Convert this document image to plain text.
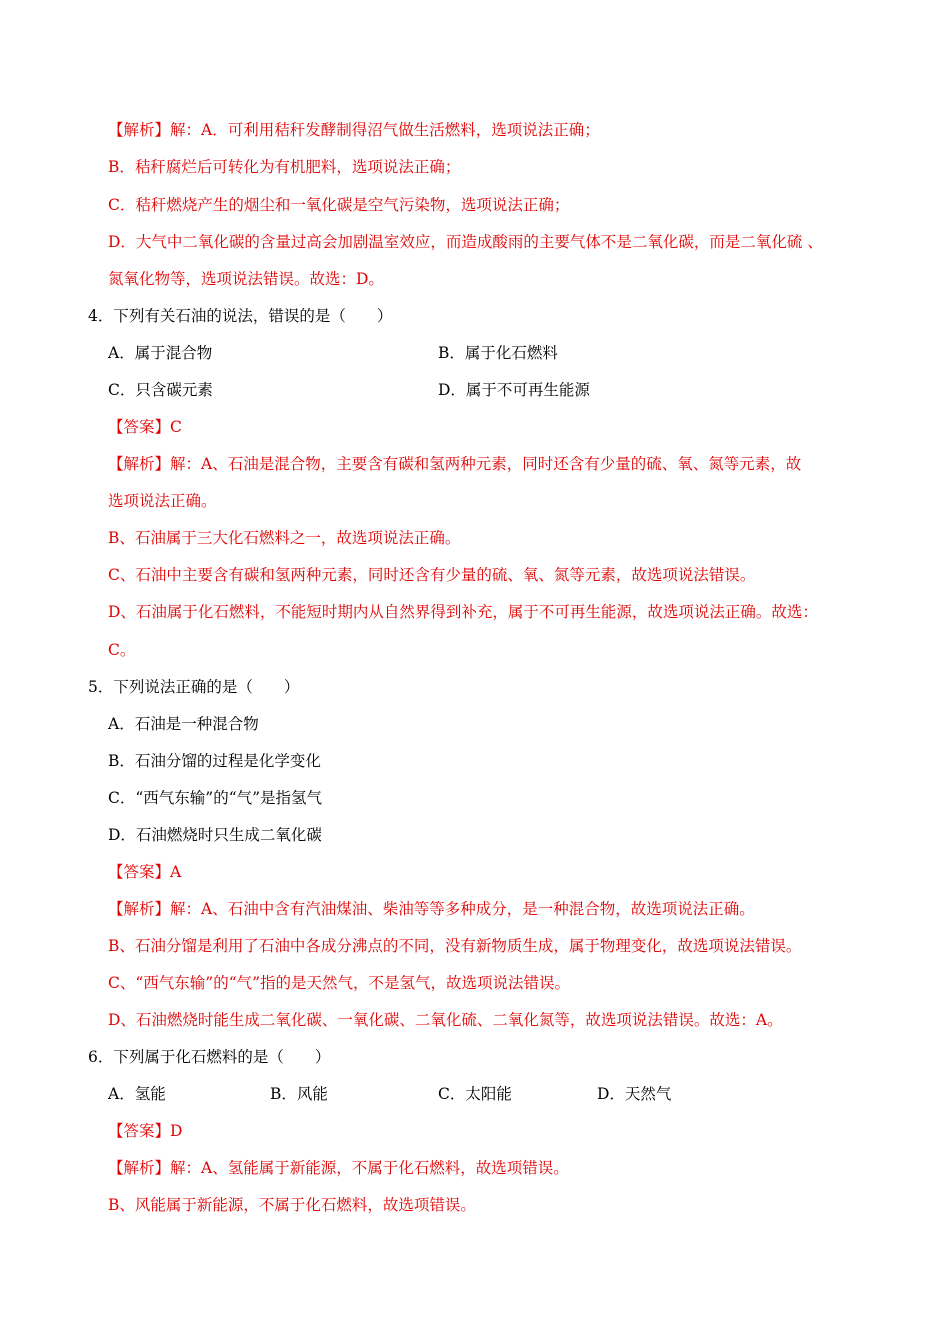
【解析】解：A．可利用秸秆发酵制得沼气做生活燃料，选项说法正确；
B．秸秆腐烂后可转化为有机肥料，选项说法正确；
C．秸秆燃烧产生的烟尘和一氧化碳是空气污染物，选项说法正确；
D．大气中二氧化碳的含量过高会加剧温室效应，而造成酸雨的主要气体不是二氧化碳，而是二氧化硫 、
氮氧化物等，选项说法错误。故选：D。
4．下列有关石油的说法，错误的是（　　）
A．属于混合物	B．属于化石燃料
C．只含碳元素	D．属于不可再生能源
【答案】C
【解析】解：A、石油是混合物，主要含有碳和氢两种元素，同时还含有少量的硫、氧、氮等元素，故
选项说法正确。
B、石油属于三大化石燃料之一，故选项说法正确。
C、石油中主要含有碳和氢两种元素，同时还含有少量的硫、氧、氮等元素，故选项说法错误。
D、石油属于化石燃料，不能短时期内从自然界得到补充，属于不可再生能源，故选项说法正确。故选：
C。
5．下列说法正确的是（　　）
A．石油是一种混合物
B．石油分馏的过程是化学变化
C．“西气东输”的“气”是指氢气
D．石油燃烧时只生成二氧化碳
【答案】A
【解析】解：A、石油中含有汽油煤油、柴油等等多种成分，是一种混合物，故选项说法正确。
B、石油分馏是利用了石油中各成分沸点的不同，没有新物质生成，属于物理变化，故选项说法错误。
C、“西气东输”的“气”指的是天然气，不是氢气，故选项说法错误。
D、石油燃烧时能生成二氧化碳、一氧化碳、二氧化硫、二氧化氮等，故选项说法错误。故选：A。
6．下列属于化石燃料的是（　　）
A．氢能	B．风能	C．太阳能	D．天然气
【答案】D
【解析】解：A、氢能属于新能源，不属于化石燃料，故选项错误。
B、风能属于新能源，不属于化石燃料，故选项错误。
